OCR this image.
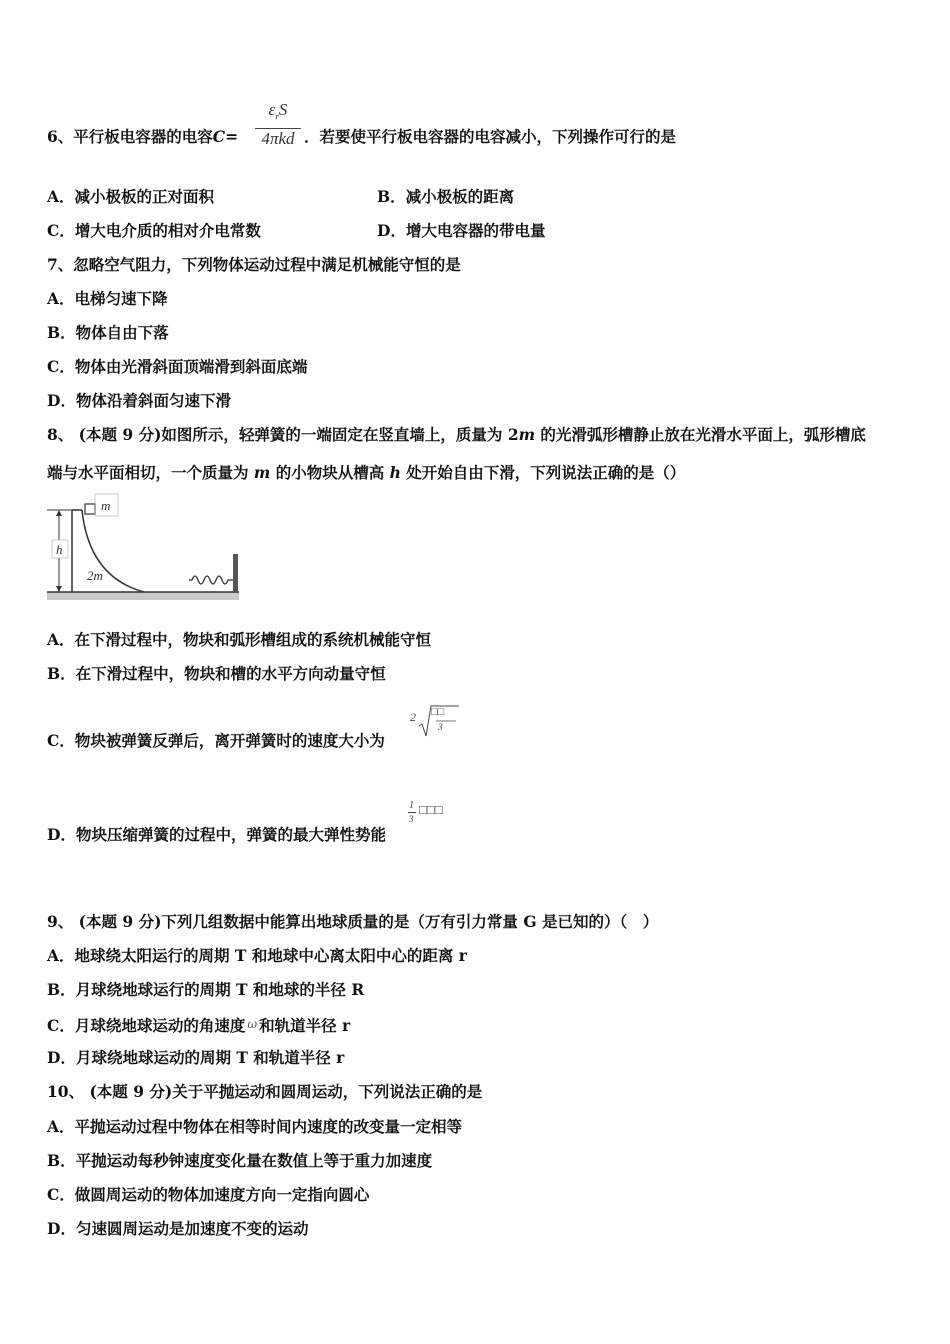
6、平行板电容器的电容C=
$\varepsilon_rS$
4πkd ．若要使平行板电容器的电容减小，下列操作可行的是
A．减小极板的正对面积	B．减小极板的距离
C．增大电介质的相对介电常数	D．增大电容器的带电量
7、忽略空气阻力，下列物体运动过程中满足机械能守恒的是
A．电梯匀速下降
B．物体自由下落
C．物体由光滑斜面顶端滑到斜面底端
D．物体沿着斜面匀速下滑
8、 (本题 9 分)如图所示，轻弹簧的一端固定在竖直墙上，质量为 2m 的光滑弧形槽静止放在光滑水平面上，弧形槽底
端与水平面相切，一个质量为 m 的小物块从槽高 h 处开始自由下滑，下列说法正确的是（）
m
h
2m
A．在下滑过程中，物块和弧形槽组成的系统机械能守恒
B．在下滑过程中，物块和槽的水平方向动量守恒
C．物块被弹簧反弹后，离开弹簧时的速度大小为
2 □□
3
D．物块压缩弹簧的过程中，弹簧的最大弹性势能
1
3
□□□
9、 (本题 9 分)下列几组数据中能算出地球质量的是（万有引力常量 G 是已知的）（　）
A．地球绕太阳运行的周期 T 和地球中心离太阳中心的距离 r
B．月球绕地球运行的周期 T 和地球的半径 R
C．月球绕地球运动的角速度 ω 和轨道半径 r
D．月球绕地球运动的周期 T 和轨道半径 r
10、 (本题 9 分)关于平抛运动和圆周运动，下列说法正确的是
A．平抛运动过程中物体在相等时间内速度的改变量一定相等
B．平抛运动每秒钟速度变化量在数值上等于重力加速度
C．做圆周运动的物体加速度方向一定指向圆心
D．匀速圆周运动是加速度不变的运动
